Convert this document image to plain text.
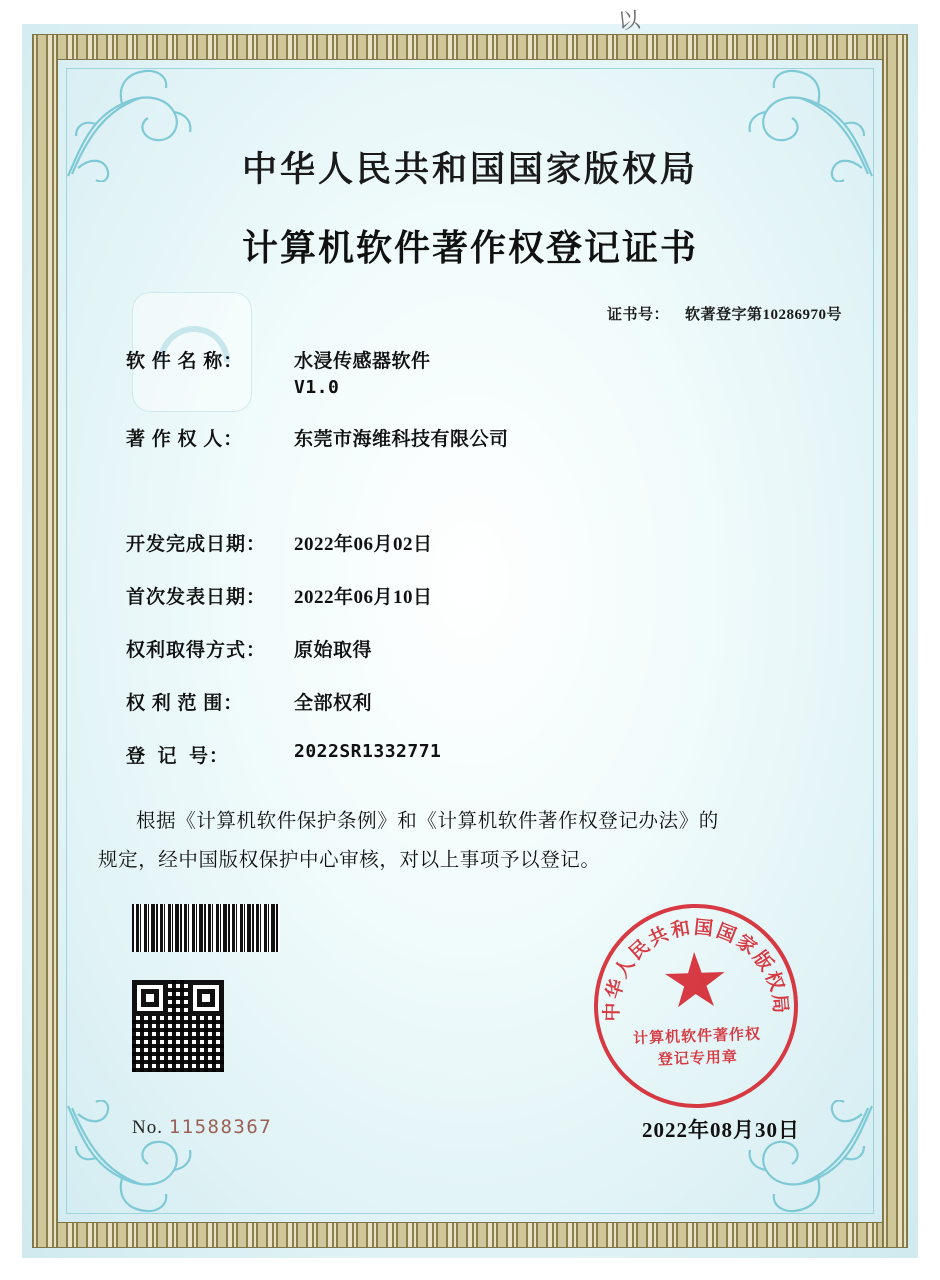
中华人民共和国国家版权局
计算机软件著作权登记证书
证书号： 软著登字第10286970号
软 件 名 称：	水浸传感器软件
V1.0
著 作 权 人：	东莞市海维科技有限公司
开发完成日期：	2022年06月02日
首次发表日期：	2022年06月10日
权利取得方式：	原始取得
权 利 范 围：	全部权利
登  记  号：	2022SR1332771

根据《计算机软件保护条例》和《计算机软件著作权登记办法》的

规定，经中国版权保护中心审核，对以上事项予以登记。

No. 11588367	2022年08月30日
中华人民共和国国家版权局
计算机软件著作权
登记专用章
以
